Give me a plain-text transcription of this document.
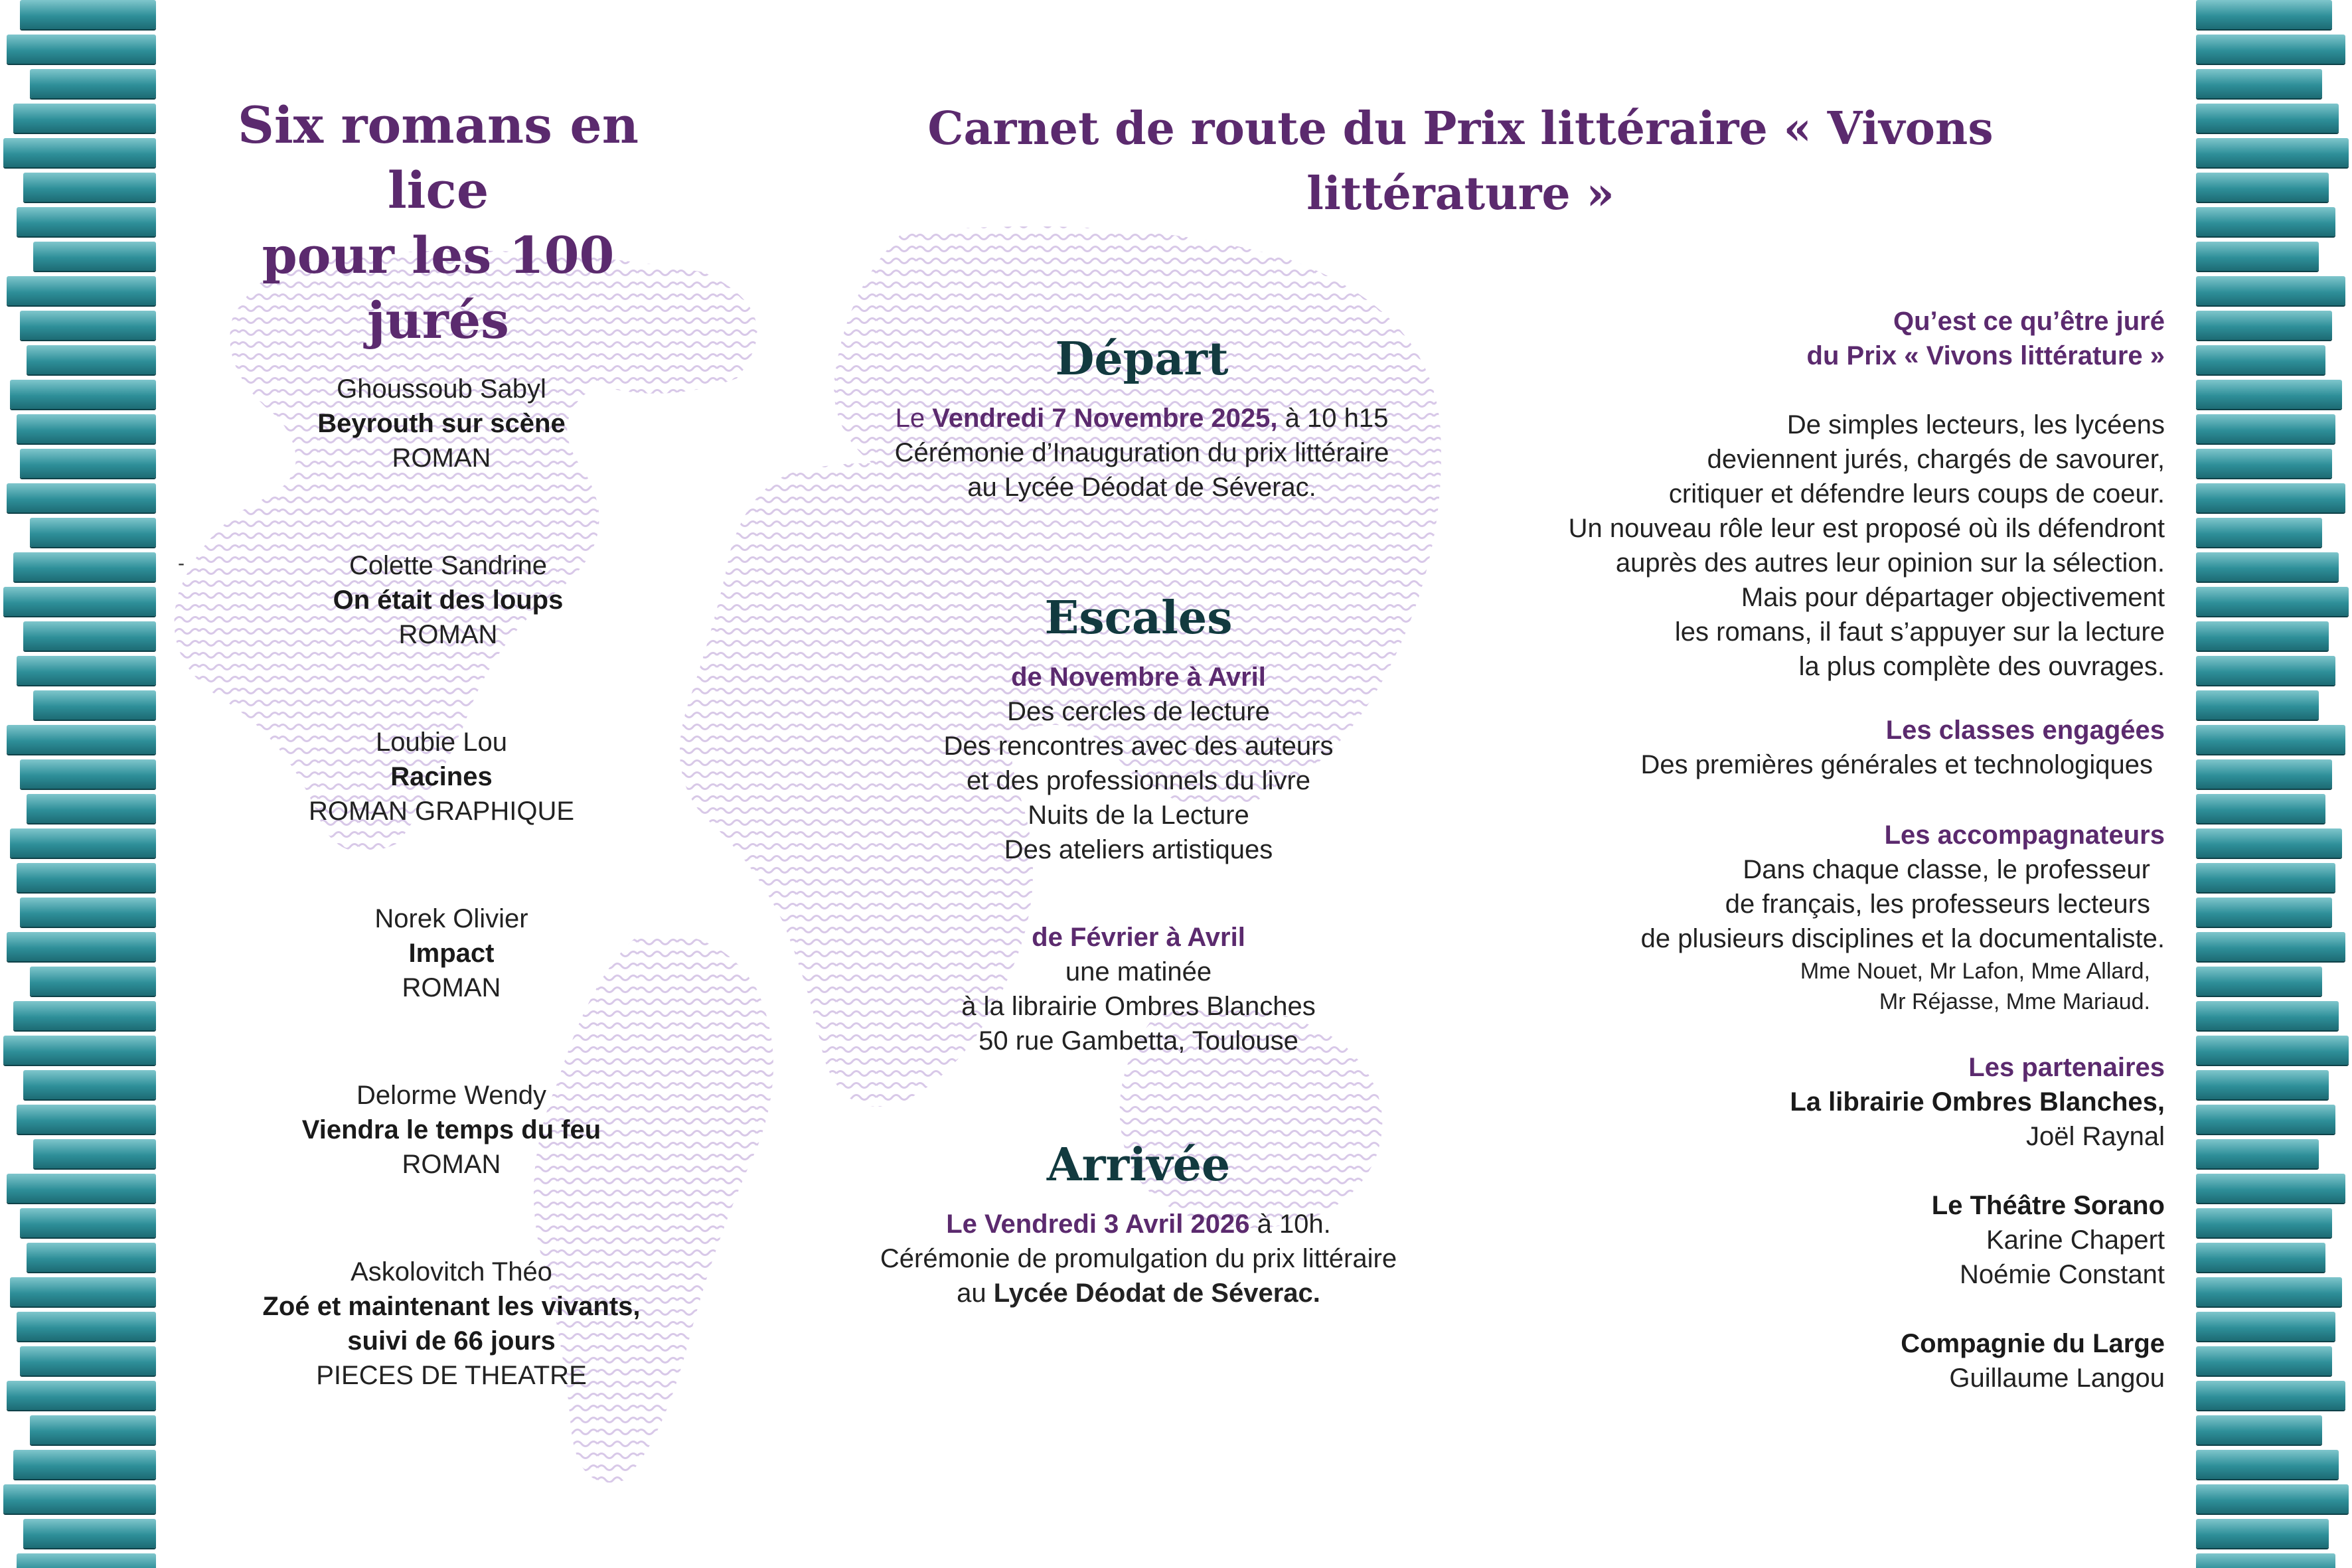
Six romans en lice
pour les 100 jurés
Carnet de route du Prix littéraire « Vivons littérature »
-
Ghoussoub Sabyl
Beyrouth sur scène
ROMAN
Colette Sandrine
On était des loups
ROMAN
Loubie Lou
Racines
ROMAN GRAPHIQUE
Norek Olivier
Impact
ROMAN
Delorme Wendy
Viendra le temps du feu
ROMAN
Askolovitch Théo
Zoé et maintenant les vivants,
suivi de 66 jours
PIECES DE THEATRE
Départ
Le Vendredi 7 Novembre 2025, à 10 h15
Cérémonie d’Inauguration du prix littéraire
au Lycée Déodat de Séverac.
Escales
de Novembre à Avril
Des cercles de lecture
Des rencontres avec des auteurs
et des professionnels du livre
Nuits de la Lecture
Des ateliers artistiques
de Février à Avril
une matinée
à la librairie Ombres Blanches
50 rue Gambetta, Toulouse
Arrivée
Le Vendredi 3 Avril 2026 à 10h.
Cérémonie de promulgation du prix littéraire
au Lycée Déodat de Séverac.
Qu’est ce qu’être juré
du Prix « Vivons littérature »
De simples lecteurs, les lycéens
deviennent jurés, chargés de savourer,
critiquer et défendre leurs coups de coeur.
Un nouveau rôle leur est proposé où ils défendront
auprès des autres leur opinion sur la sélection.
Mais pour départager objectivement
les romans, il faut s’appuyer sur la lecture
la plus complète des ouvrages.
Les classes engagées
Des premières générales et technologiques
Les accompagnateurs
Dans chaque classe, le professeur
de français, les professeurs lecteurs
de plusieurs disciplines et la documentaliste.
Mme Nouet, Mr Lafon, Mme Allard,
Mr Réjasse, Mme Mariaud.
Les partenaires
La librairie Ombres Blanches,
Joël Raynal
Le Théâtre Sorano
Karine Chapert
Noémie Constant
Compagnie du Large
Guillaume Langou
